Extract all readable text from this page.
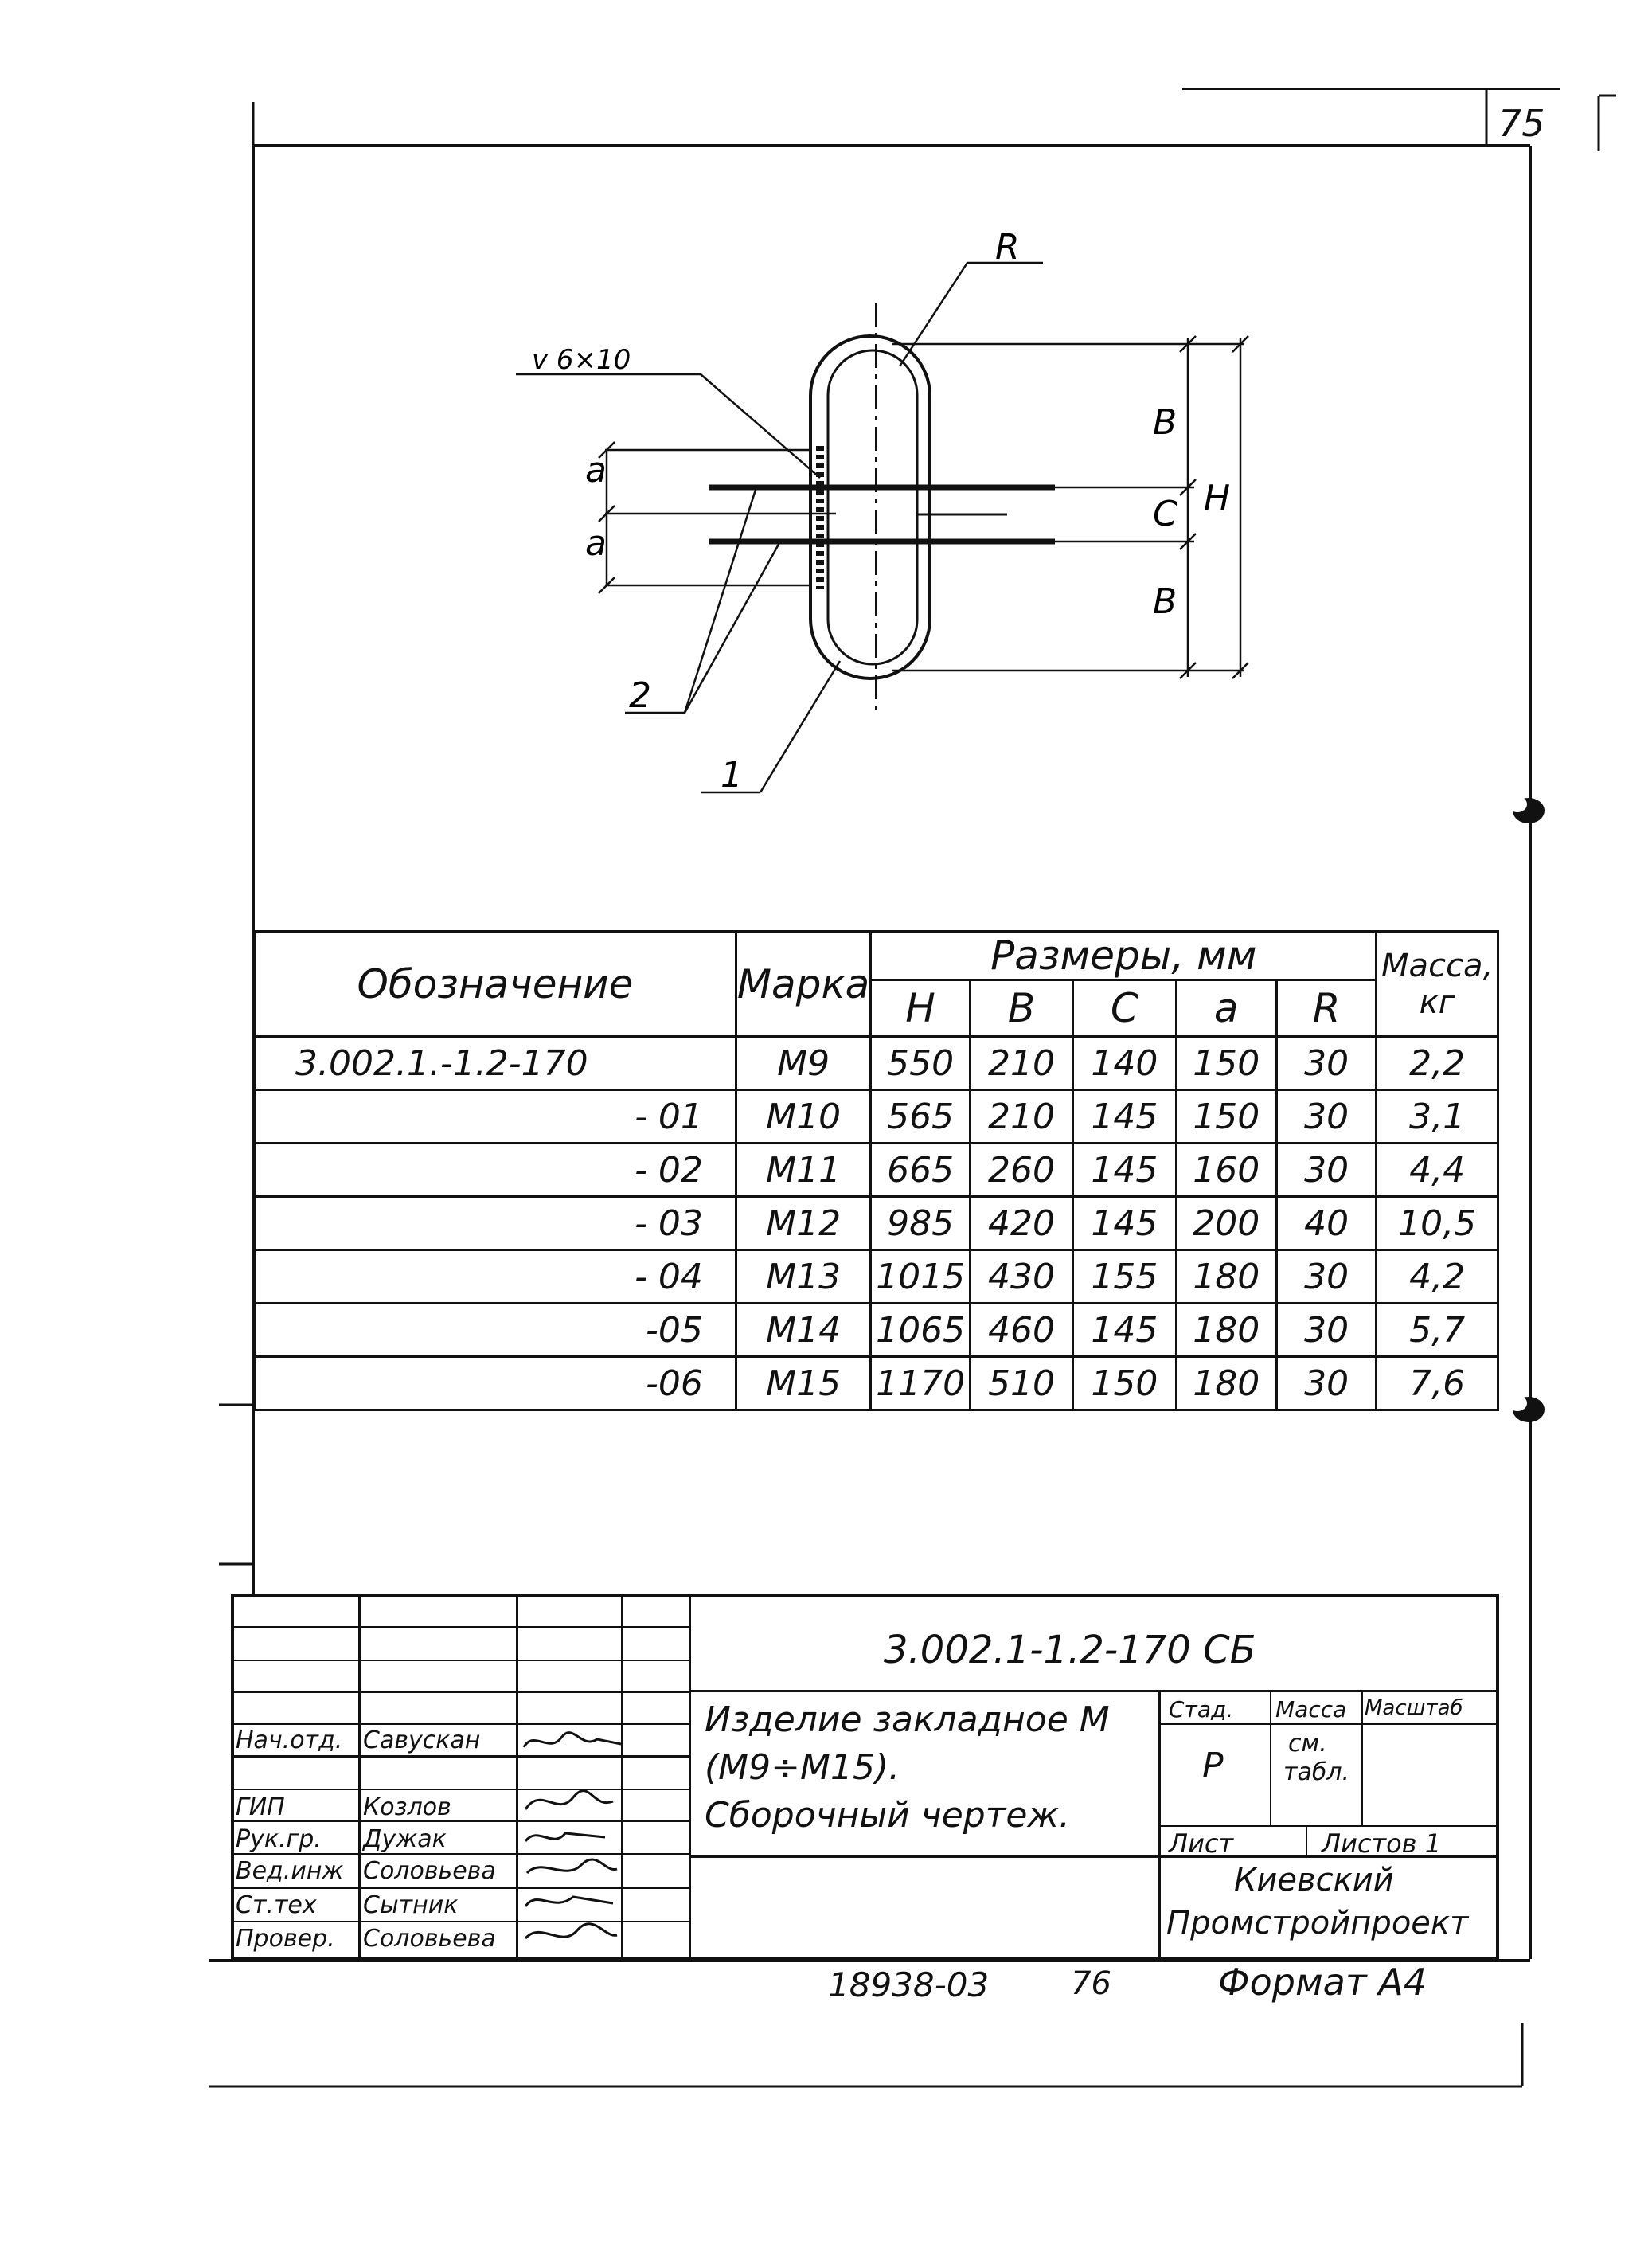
75
R
v 6×10
a
a
B
C
B
H
2
1
Обозначение	Марка	Размеры, мм					Масса, кг
		H	B	C	a	R	
3.002.1.-1.2-170	М9	550	210	140	150	30	2,2
- 01	М10	565	210	145	150	30	3,1
- 02	М11	665	260	145	160	30	4,4
- 03	М12	985	420	145	200	40	10,5
- 04	М13	1015	430	155	180	30	4,2
-05	М14	1065	460	145	180	30	5,7
-06	М15	1170	510	150	180	30	7,6
3.002.1-1.2-170 СБ
Изделие закладное М
(М9÷М15).
Сборочный чертеж.
Стад. Масса Масштаб
Р
см.
табл.
Лист	Листов 1
Киевский
Промстройпроект
Нач.отд. Савускан
ГИП	Козлов
Рук.гр. Дужак
Вед.инж Соловьева
Ст.тех Сытник
Провер. Соловьева
18938-03	76	Формат А4
